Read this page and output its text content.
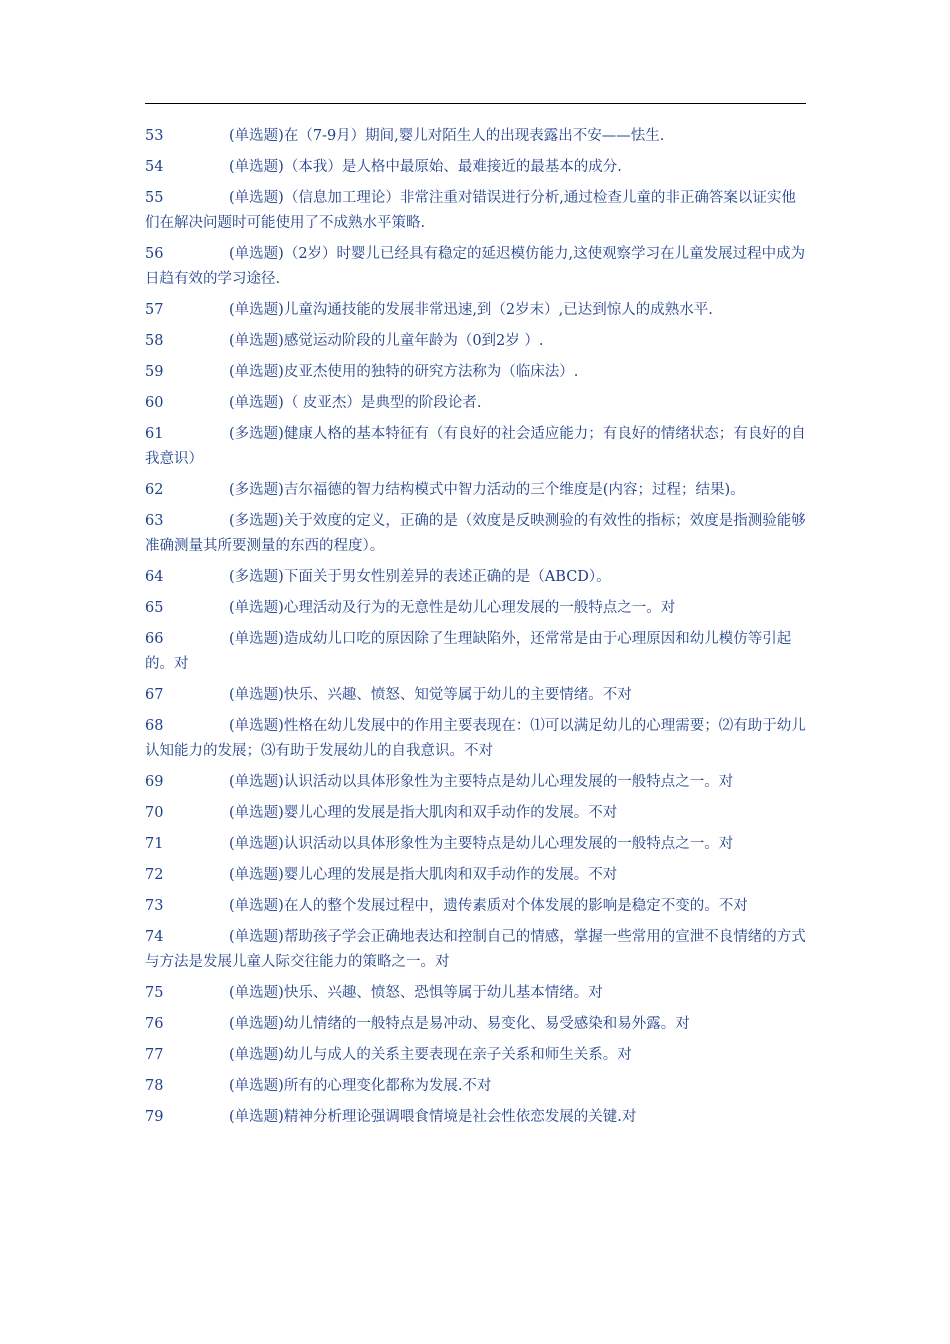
53	(单选题)在（7-9月）期间,婴儿对陌生人的出现表露出不安——怯生.
54	(单选题)（本我）是人格中最原始、最难接近的最基本的成分.
55	(单选题)（信息加工理论）非常注重对错误进行分析,通过检查儿童的非正确答案以证实他们在解决问题时可能使用了不成熟水平策略.
56	(单选题)（2岁）时婴儿已经具有稳定的延迟模仿能力,这使观察学习在儿童发展过程中成为日趋有效的学习途径.
57	(单选题)儿童沟通技能的发展非常迅速,到（2岁末）,已达到惊人的成熟水平.
58	(单选题)感觉运动阶段的儿童年龄为（0到2岁 ）.
59	(单选题)皮亚杰使用的独特的研究方法称为（临床法）.
60	(单选题)（ 皮亚杰）是典型的阶段论者.
61	(多选题)健康人格的基本特征有（有良好的社会适应能力；有良好的情绪状态；有良好的自我意识）
62	(多选题)吉尔福德的智力结构模式中智力活动的三个维度是(内容；过程；结果)。
63	(多选题)关于效度的定义，正确的是（效度是反映测验的有效性的指标；效度是指测验能够准确测量其所要测量的东西的程度）。
64	(多选题)下面关于男女性别差异的表述正确的是（ABCD）。
65	(单选题)心理活动及行为的无意性是幼儿心理发展的一般特点之一。对
66	(单选题)造成幼儿口吃的原因除了生理缺陷外，还常常是由于心理原因和幼儿模仿等引起的。对
67	(单选题)快乐、兴趣、愤怒、知觉等属于幼儿的主要情绪。不对
68	(单选题)性格在幼儿发展中的作用主要表现在：⑴可以满足幼儿的心理需要；⑵有助于幼儿认知能力的发展；⑶有助于发展幼儿的自我意识。不对
69	(单选题)认识活动以具体形象性为主要特点是幼儿心理发展的一般特点之一。对
70	(单选题)婴儿心理的发展是指大肌肉和双手动作的发展。不对
71	(单选题)认识活动以具体形象性为主要特点是幼儿心理发展的一般特点之一。对
72	(单选题)婴儿心理的发展是指大肌肉和双手动作的发展。不对
73	(单选题)在人的整个发展过程中，遗传素质对个体发展的影响是稳定不变的。不对
74	(单选题)帮助孩子学会正确地表达和控制自己的情感，掌握一些常用的宣泄不良情绪的方式与方法是发展儿童人际交往能力的策略之一。对
75	(单选题)快乐、兴趣、愤怒、恐惧等属于幼儿基本情绪。对
76	(单选题)幼儿情绪的一般特点是易冲动、易变化、易受感染和易外露。对
77	(单选题)幼儿与成人的关系主要表现在亲子关系和师生关系。对
78	(单选题)所有的心理变化都称为发展.不对
79	(单选题)精神分析理论强调喂食情境是社会性依恋发展的关键.对
